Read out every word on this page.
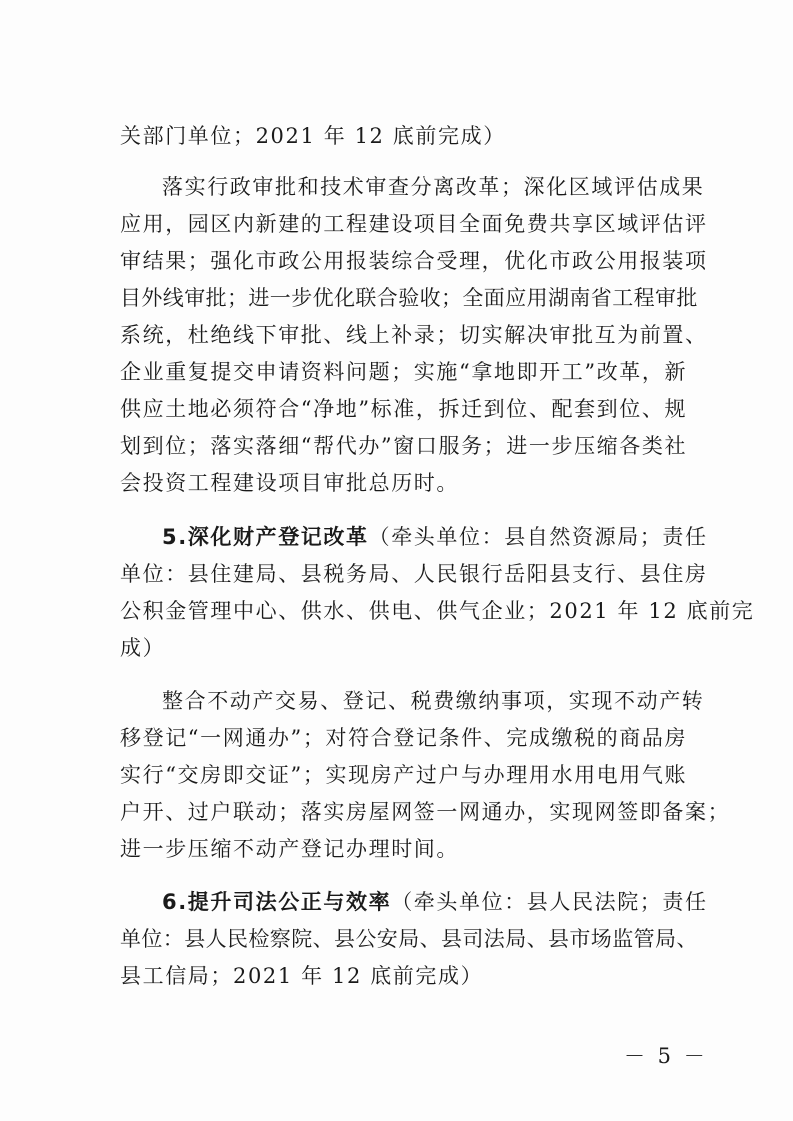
关部门单位；2021 年 12 底前完成）
落实行政审批和技术审查分离改革；深化区域评估成果
应用，园区内新建的工程建设项目全面免费共享区域评估评
审结果；强化市政公用报装综合受理，优化市政公用报装项
目外线审批；进一步优化联合验收；全面应用湖南省工程审批
系统，杜绝线下审批、线上补录；切实解决审批互为前置、
企业重复提交申请资料问题；实施“拿地即开工”改革，新
供应土地必须符合“净地”标准，拆迁到位、配套到位、规
划到位；落实落细“帮代办”窗口服务；进一步压缩各类社
会投资工程建设项目审批总历时。
5.深化财产登记改革（牵头单位：县自然资源局；责任
单位：县住建局、县税务局、人民银行岳阳县支行、县住房
公积金管理中心、供水、供电、供气企业；2021 年 12 底前完
成）
整合不动产交易、登记、税费缴纳事项，实现不动产转
移登记“一网通办”；对符合登记条件、完成缴税的商品房
实行“交房即交证”；实现房产过户与办理用水用电用气账
户开、过户联动；落实房屋网签一网通办，实现网签即备案；
进一步压缩不动产登记办理时间。
6.提升司法公正与效率（牵头单位：县人民法院；责任
单位：县人民检察院、县公安局、县司法局、县市场监管局、
县工信局；2021 年 12 底前完成）
－ 5 －
